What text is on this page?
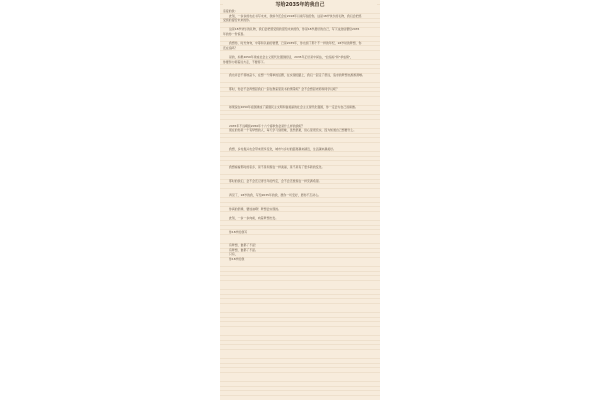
写给2035年的我自己

亲爱的我：
此刻，一步步的也在书写未来，我如今还会在2018年以前写信给你，这是18岁快乐的礼物，我们会把感
受到的留给未来的你。
这是18岁快乐的礼物，我们会把感受到的留给未来的你，你是18岁最好的自己，写下这封信要给2035
年的你一份惊喜。
我想你，时光匆匆，中等和以前的智慧，已是2035年，你也到了那个不一样的年纪，18岁时的梦想，你
还在追吗？
是的，如果2050年建成社会主义现代化强国的话，2035年正好是中间站，"拉指标"和"拿成绩"，
你要努力朝着远方走，不要停下。
我也许会不停地奋斗，在想一个简单的话题，在实现的路上，我们一起走了很远，追求的梦想也渐渐清晰。
那时，你会不会再想起我们一起在教室里读书的情景呢？会不会想起老师和同学们呢？
如果说在2050年祖国建成了富强民主文明和谐美丽的社会主义现代化强国，你一定会为自己而骄傲。
2035年不远啊到2050年十六个春秋你会是什么样的我呢？
现在的你是一个有梦想的人，每天学习到很晚，虽然很累，但心里很充实，因为知道自己想要什么。
我想，乡村振兴也会带来很多变化，城市与乡村的距离越来越近，生活越来越美好。
我想看看那时的家乡，是不是和现在一样美丽，是不是有了更多新的变化。
那时的我们，会不会还记得当年的约定，会不会还像现在一样充满希望。
再见了，18岁的我，写给2035年的我，愿你一切安好，愿你不忘初心。
你真的很棒，要加油哦！梦想会实现的。
此刻，一步一步向前，向着梦想出发。
你18岁的我写
有梦想，谁都了不起！
有梦想，谁都了不起。
只有，
你18岁的我
